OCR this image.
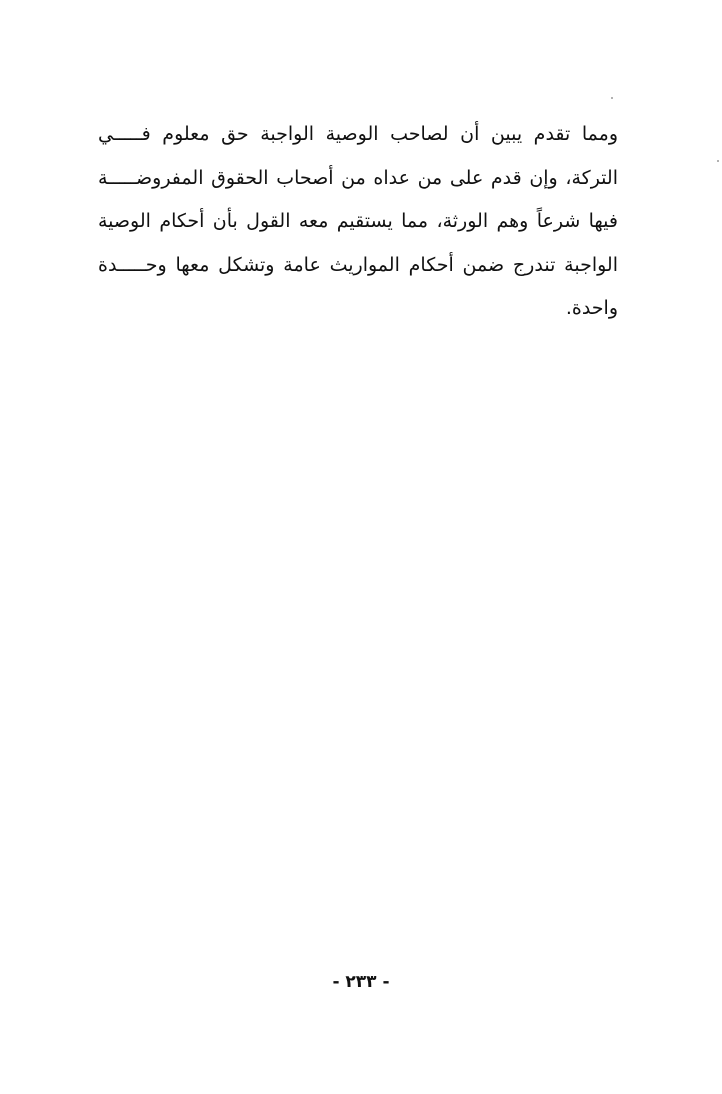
ومما تقدم يبين أن لصاحب الوصية الواجبة حق معلوم فـــــي
التركة، وإن قدم على من عداه من أصحاب الحقوق المفروضـــــة
فيها شرعاً وهم الورثة، مما يستقيم معه القول بأن أحكام الوصية
الواجبة تندرج ضمن أحكام المواريث عامة وتشكل معها وحـــــدة
واحدة.
- ٢٣٣ -
